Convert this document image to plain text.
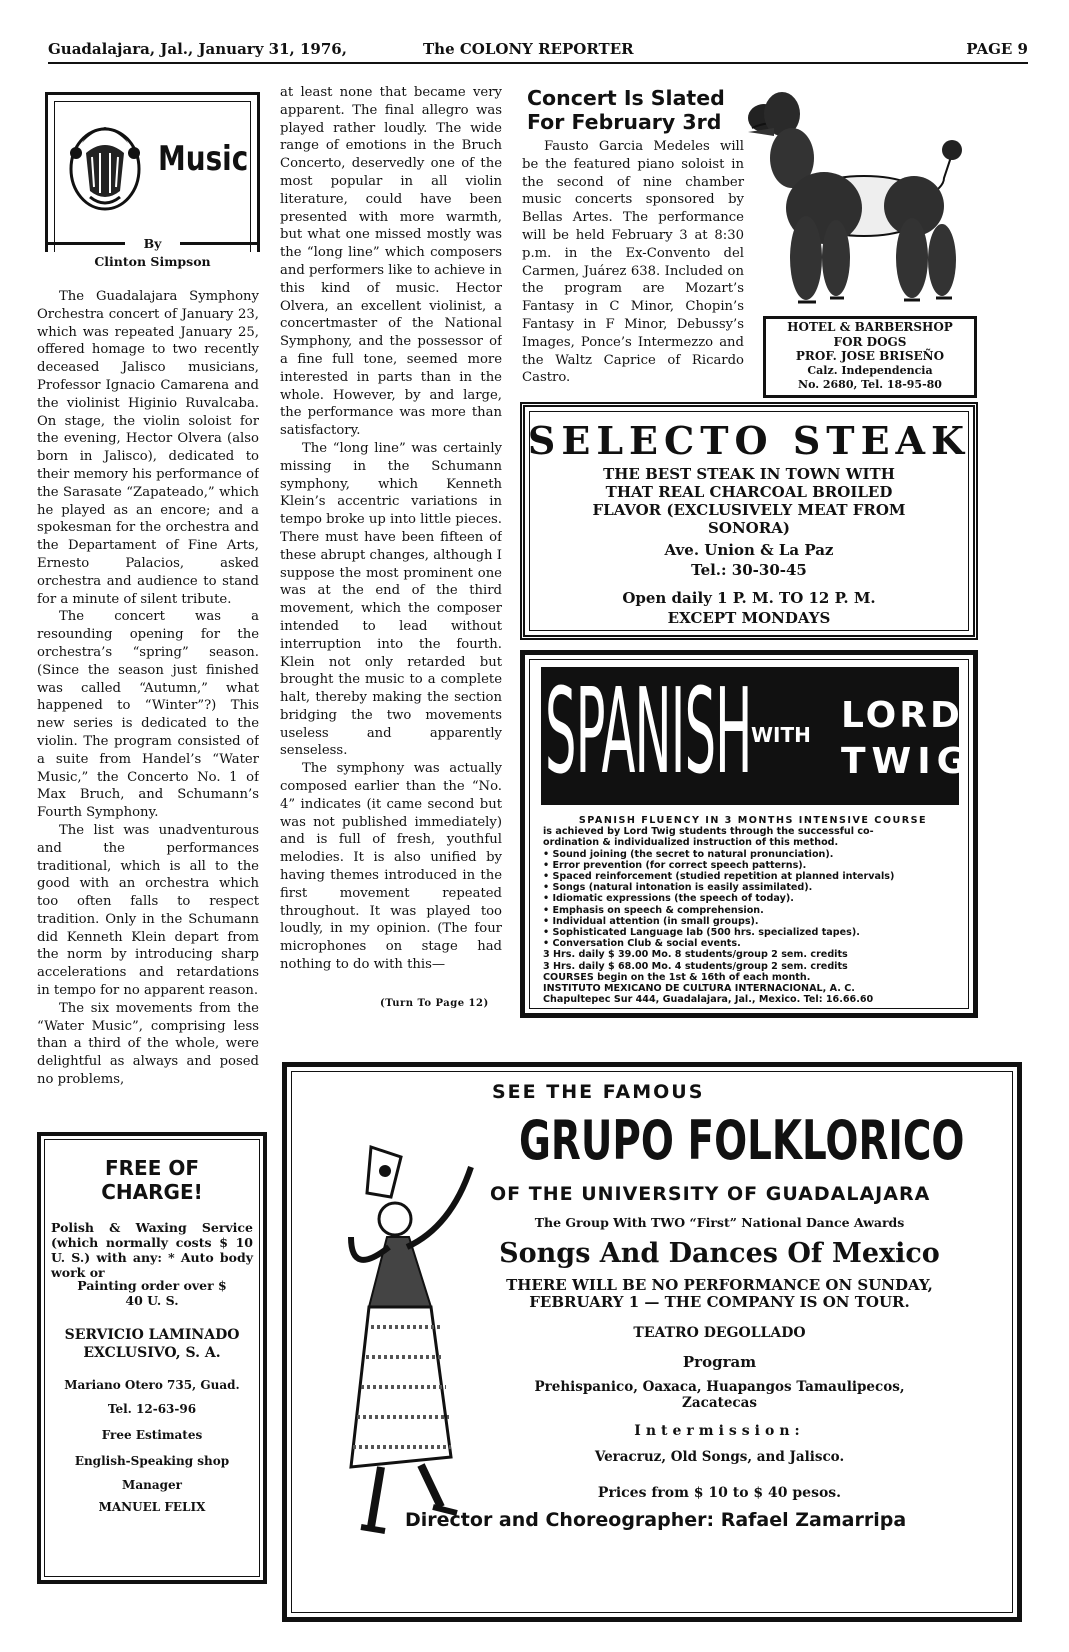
Guadalajara, Jal., January 31, 1976,	The COLONY REPORTER	PAGE 9
Music
By
Clinton Simpson

The Guadalajara Symphony Orchestra concert of January 23, which was repeated January 25, offered homage to two recently deceased Jalisco musicians, Professor Ignacio Camarena and the violinist Higinio Ruvalcaba. On stage, the violin soloist for the evening, Hector Olvera (also born in Jalisco), dedicated to their memory his performance of the Sarasate “Zapateado,” which he played as an encore; and a spokesman for the orchestra and the Departament of Fine Arts, Ernesto Palacios, asked orchestra and audience to stand for a minute of silent tribute.

The concert was a resounding opening for the orchestra’s “spring” season. (Since the season just finished was called “Autumn,” what happened to “Winter”?) This new series is dedicated to the violin. The program consisted of a suite from Handel’s “Water Music,” the Concerto No. 1 of Max Bruch, and Schumann’s Fourth Symphony.

The list was unadventurous and the performances traditional, which is all to the good with an orchestra which too often falls to respect tradition. Only in the Schumann did Kenneth Klein depart from the norm by introducing sharp accelerations and retardations in tempo for no apparent reason.

The six movements from the “Water Music”, comprising less than a third of the whole, were delightful as always and posed no problems,

at least none that became very apparent. The final allegro was played rather loudly. The wide range of emotions in the Bruch Concerto, deservedly one of the most popular in all violin literature, could have been presented with more warmth, but what one missed mostly was the “long line” which composers and performers like to achieve in this kind of music. Hector Olvera, an excellent violinist, a concertmaster of the National Symphony, and the possessor of a fine full tone, seemed more interested in parts than in the whole. However, by and large, the performance was more than satisfactory.

The “long line” was certainly missing in the Schumann symphony, which Kenneth Klein’s accentric variations in tempo broke up into little pieces. There must have been fifteen of these abrupt changes, although I suppose the most prominent one was at the end of the third movement, which the composer intended to lead without interruption into the fourth. Klein not only retarded but brought the music to a complete halt, thereby making the section bridging the two movements useless and apparently senseless.

The symphony was actually composed earlier than the “No. 4” indicates (it came second but was not published immediately) and is full of fresh, youthful melodies. It is also unified by having themes introduced in the first movement repeated throughout. It was played too loudly, in my opinion. (The four microphones on stage had nothing to do with this—

(Turn To Page 12)
Concert Is Slated For February 3rd
Fausto Garcia Medeles will be the featured piano soloist in the second of nine chamber music concerts sponsored by Bellas Artes. The performance will be held February 3 at 8:30 p.m. in the Ex-Convento del Carmen, Juárez 638. Included on the program are Mozart’s Fantasy in C Minor, Chopin’s Fantasy in F Minor, Debussy’s Images, Ponce’s Intermezzo and the Waltz Caprice of Ricardo Castro.
HOTEL & BARBERSHOP
FOR DOGS
PROF. JOSE BRISEÑO
Calz. Independencia
No. 2680, Tel. 18-95-80
SELECTO STEAK
THE BEST STEAK IN TOWN WITH THAT REAL CHARCOAL BROILED FLAVOR (EXCLUSIVELY MEAT FROM SONORA)
Ave. Union & La Paz
Tel.: 30-30-45
Open daily 1 P. M. TO 12 P. M.
EXCEPT MONDAYS
SPANISH WITH LORD
TWIG
SPANISH FLUENCY IN 3 MONTHS INTENSIVE COURSE
is achieved by Lord Twig students through the successful co-
ordination & individualized instruction of this method.
• Sound joining (the secret to natural pronunciation).
• Error prevention (for correct speech patterns).
• Spaced reinforcement (studied repetition at planned intervals)
• Songs (natural intonation is easily assimilated).
• Idiomatic expressions (the speech of today).
• Emphasis on speech & comprehension.
• Individual attention (in small groups).
• Sophisticated Language lab (500 hrs. specialized tapes).
• Conversation Club & social events.
3 Hrs. daily $ 39.00 Mo. 8 students/group 2 sem. credits
3 Hrs. daily $ 68.00 Mo. 4 students/group 2 sem. credits
COURSES begin on the 1st & 16th of each month.
INSTITUTO MEXICANO DE CULTURA INTERNACIONAL, A. C.
Chapultepec Sur 444, Guadalajara, Jal., Mexico. Tel: 16.66.60
FREE OF
CHARGE!
Polish & Waxing Service (which normally costs $ 10 U. S.) with any: * Auto body work or
Painting order over $ 40 U. S.
SERVICIO LAMINADO EXCLUSIVO, S. A.
Mariano Otero 735, Guad.
Tel. 12-63-96
Free Estimates
English-Speaking shop
Manager
MANUEL FELIX
SEE THE FAMOUS
GRUPO FOLKLORICO
OF THE UNIVERSITY OF GUADALAJARA
The Group With TWO “First” National Dance Awards
Songs And Dances Of Mexico
THERE WILL BE NO PERFORMANCE ON SUNDAY, FEBRUARY 1 — THE COMPANY IS ON TOUR.
TEATRO DEGOLLADO
Program
Prehispanico, Oaxaca, Huapangos Tamaulipecos, Zacatecas
Intermission:
Veracruz, Old Songs, and Jalisco.
Prices from $ 10 to $ 40 pesos.
Director and Choreographer: Rafael Zamarripa
